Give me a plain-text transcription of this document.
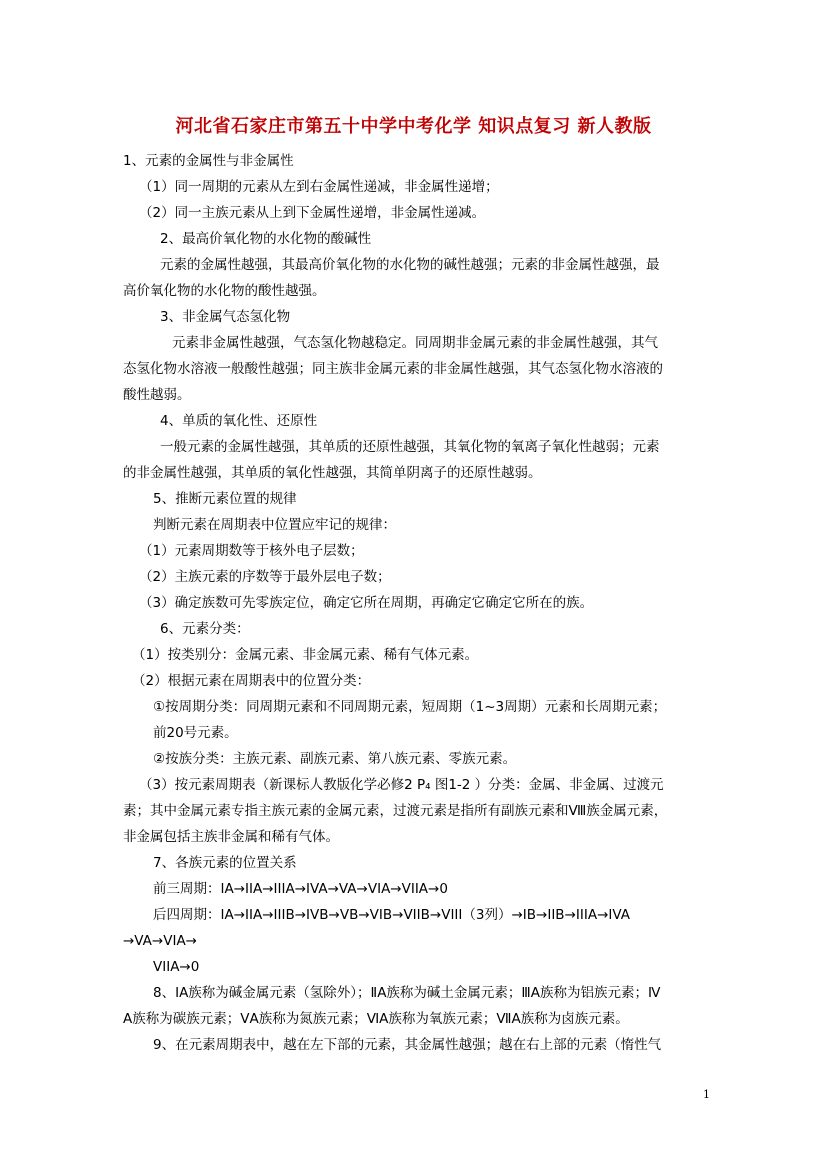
河北省石家庄市第五十中学中考化学 知识点复习 新人教版
1、元素的金属性与非金属性
（1）同一周期的元素从左到右金属性递减，非金属性递增；
（2）同一主族元素从上到下金属性递增，非金属性递减。
2、最高价氧化物的水化物的酸碱性
元素的金属性越强，其最高价氧化物的水化物的碱性越强；元素的非金属性越强，最
高价氧化物的水化物的酸性越强。
3、非金属气态氢化物
元素非金属性越强，气态氢化物越稳定。同周期非金属元素的非金属性越强，其气
态氢化物水溶液一般酸性越强；同主族非金属元素的非金属性越强，其气态氢化物水溶液的
酸性越弱。
4、单质的氧化性、还原性
一般元素的金属性越强，其单质的还原性越强，其氧化物的氧离子氧化性越弱；元素
的非金属性越强，其单质的氧化性越强，其简单阴离子的还原性越弱。
5、推断元素位置的规律
判断元素在周期表中位置应牢记的规律：
（1）元素周期数等于核外电子层数；
（2）主族元素的序数等于最外层电子数；
（3）确定族数可先零族定位，确定它所在周期，再确定它确定它所在的族。
6、元素分类：
（1）按类别分：金属元素、非金属元素、稀有气体元素。
（2）根据元素在周期表中的位置分类：
①按周期分类：同周期元素和不同周期元素，短周期（1~3周期）元素和长周期元素；
前20号元素。
②按族分类：主族元素、副族元素、第八族元素、零族元素。
（3）按元素周期表（新课标人教版化学必修2 P₄ 图1-2 ）分类：金属、非金属、过渡元
素；其中金属元素专指主族元素的金属元素，过渡元素是指所有副族元素和Ⅷ族金属元素，
非金属包括主族非金属和稀有气体。
7、各族元素的位置关系
前三周期：IA→IIA→IIIA→IVA→VA→VIA→VIIA→0
后四周期：IA→IIA→IIIB→IVB→VB→VIB→VIIB→VIII（3列）→IB→IIB→IIIA→IVA
→VA→VIA→
VIIA→0
8、ⅠA族称为碱金属元素（氢除外）；ⅡA族称为碱土金属元素；ⅢA族称为铝族元素；Ⅳ
A族称为碳族元素；ⅤA族称为氮族元素；ⅥA族称为氧族元素；ⅦA族称为卤族元素。
9、在元素周期表中，越在左下部的元素，其金属性越强；越在右上部的元素（惰性气
1
